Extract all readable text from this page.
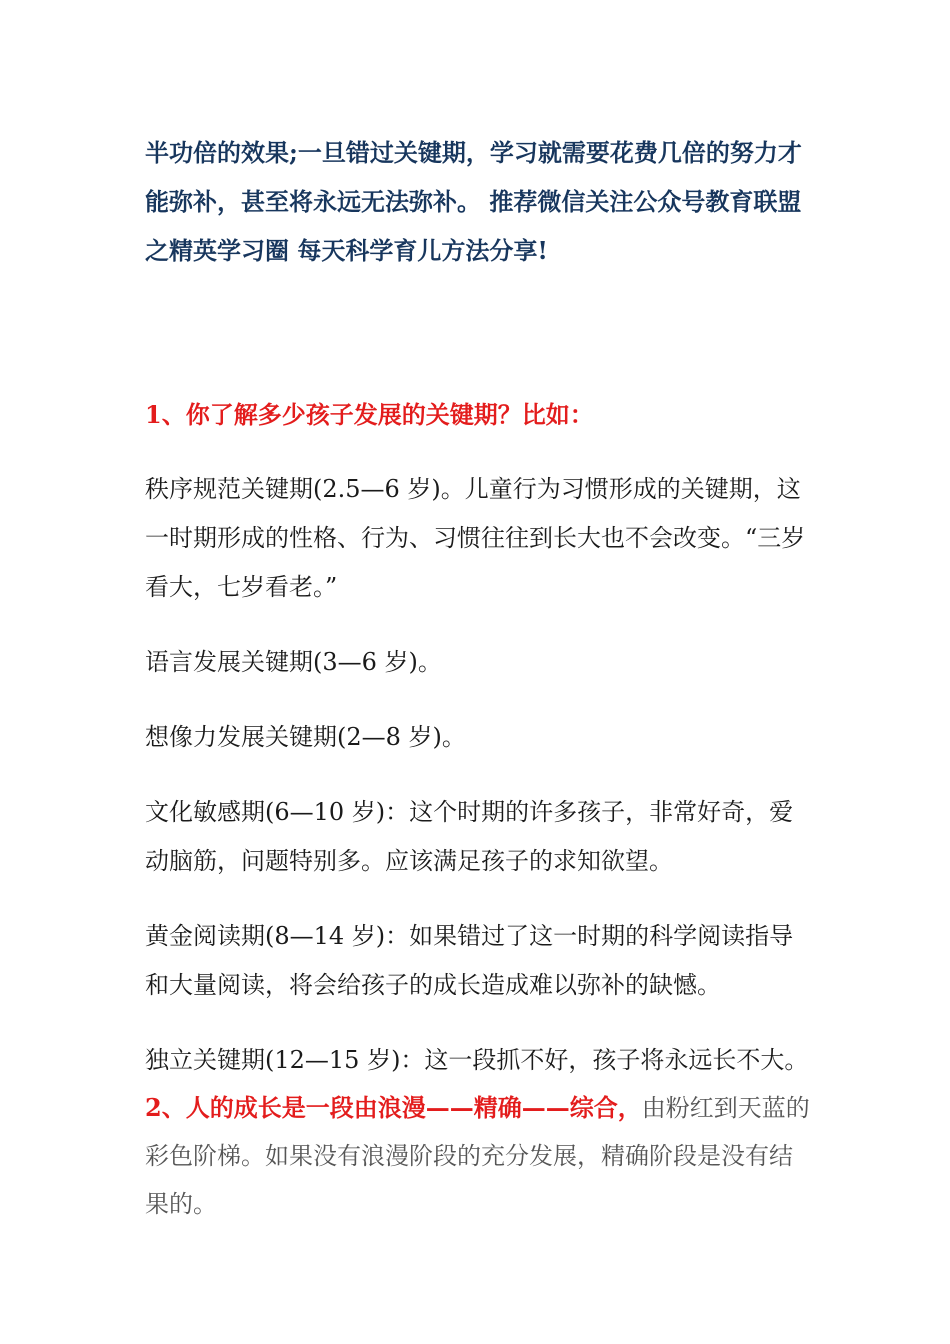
半功倍的效果;一旦错过关键期，学习就需要花费几倍的努力才能弥补，甚至将永远无法弥补。 推荐微信关注公众号教育联盟之精英学习圈 每天科学育儿方法分享!

1、你了解多少孩子发展的关键期？比如：

秩序规范关键期(2.5—6 岁)。儿童行为习惯形成的关键期，这一时期形成的性格、行为、习惯往往到长大也不会改变。“三岁看大，七岁看老。”

语言发展关键期(3—6 岁)。

想像力发展关键期(2—8 岁)。

文化敏感期(6—10 岁)：这个时期的许多孩子，非常好奇，爱动脑筋，问题特别多。应该满足孩子的求知欲望。

黄金阅读期(8—14 岁)：如果错过了这一时期的科学阅读指导和大量阅读，将会给孩子的成长造成难以弥补的缺憾。

独立关键期(12—15 岁)：这一段抓不好，孩子将永远长不大。

2、人的成长是一段由浪漫——精确——综合，由粉红到天蓝的彩色阶梯。如果没有浪漫阶段的充分发展，精确阶段是没有结果的。
